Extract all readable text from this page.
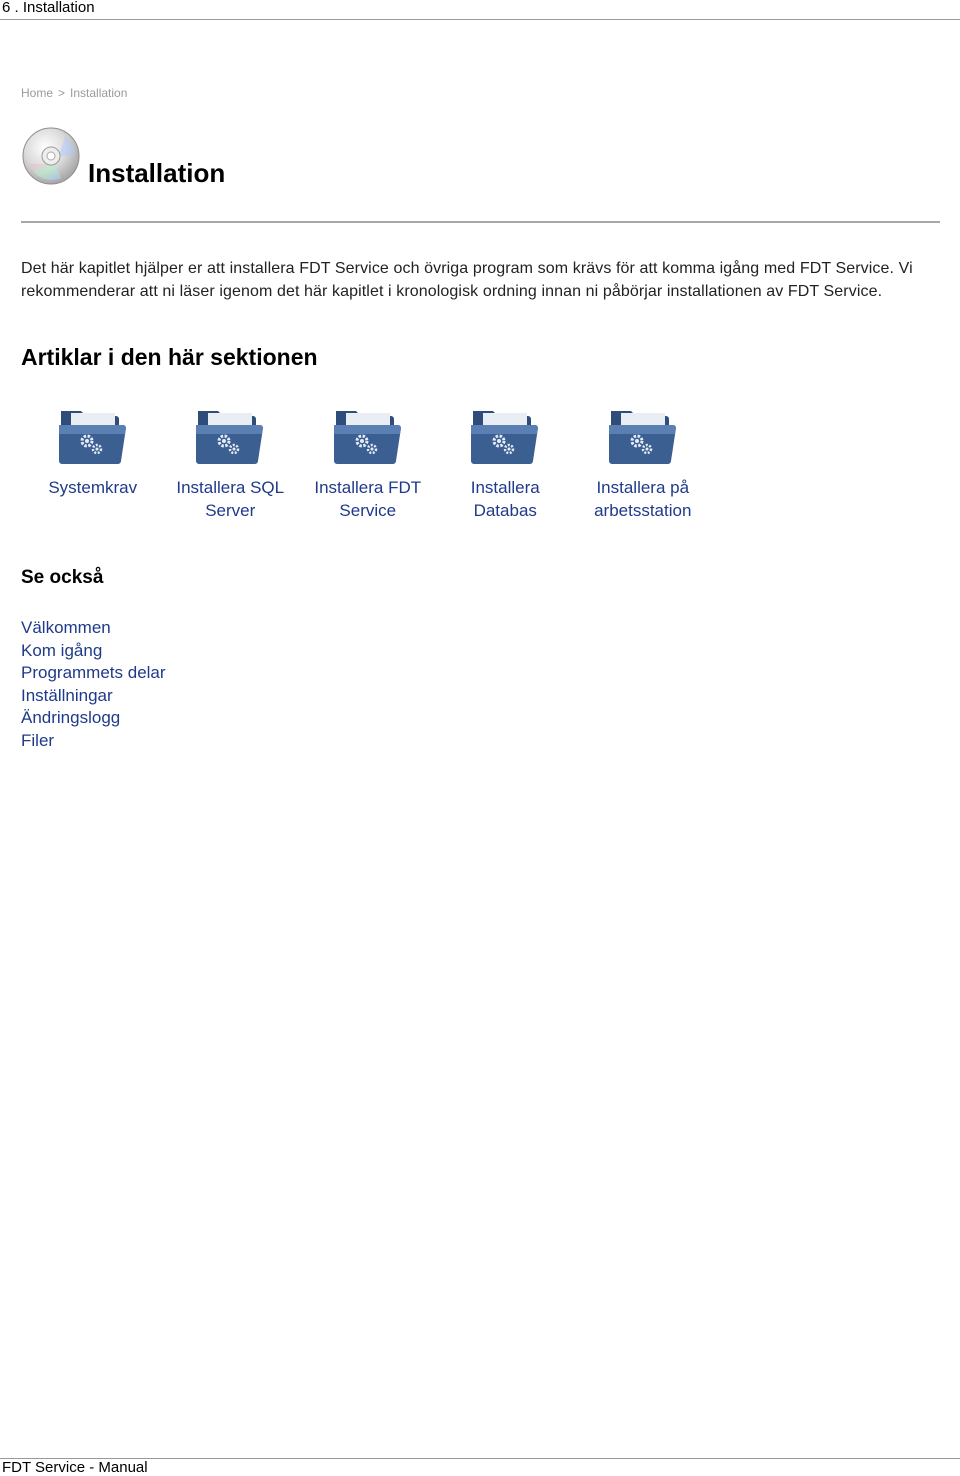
6 . Installation
Home > Installation
Installation

Det här kapitlet hjälper er att installera FDT Service och övriga program som krävs för att komma igång med FDT Service. Vi rekommenderar att ni läser igenom det här kapitlet i kronologisk ordning innan ni påbörjar installationen av FDT Service.

Artiklar i den här sektionen
Systemkrav	Installera SQL Server
Installera FDT Service
Installera Databas
Installera på arbetsstation
Se också
Välkommen
Kom igång
Programmets delar
Inställningar
Ändringslogg
Filer
FDT Service - Manual
